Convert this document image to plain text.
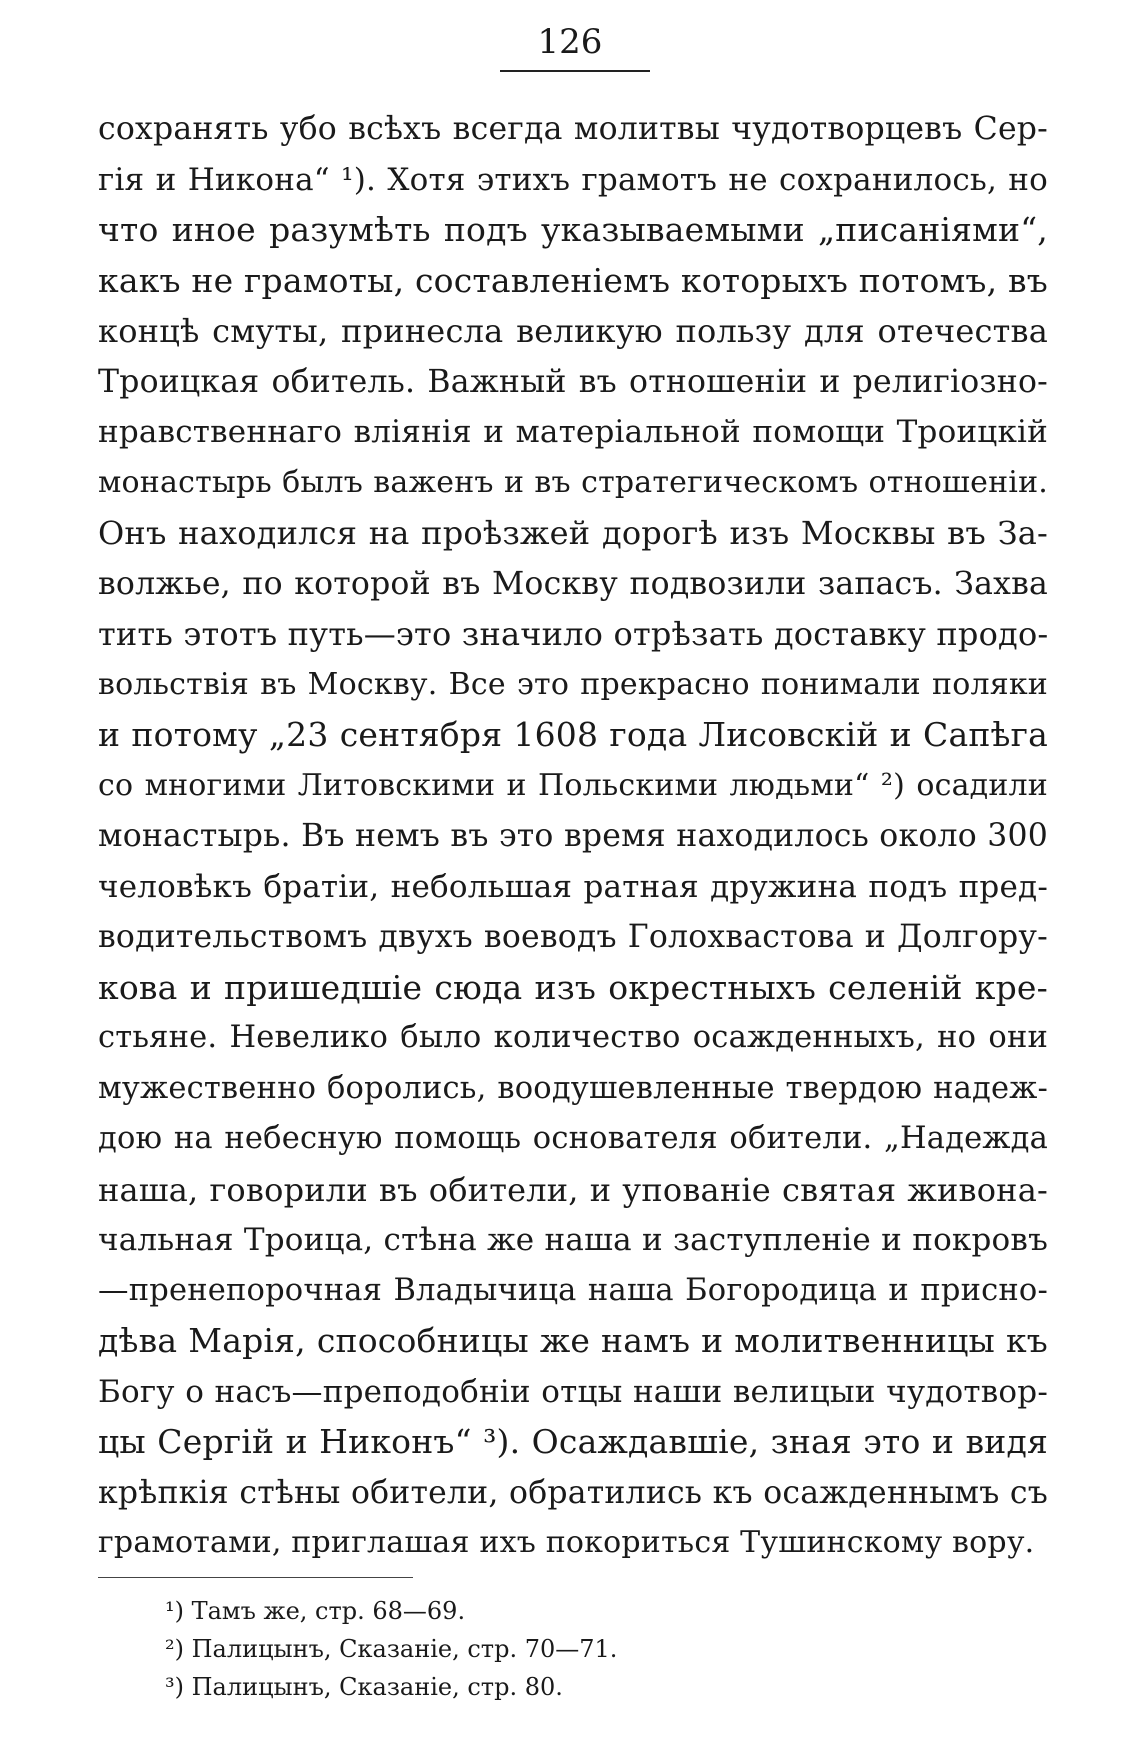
126
сохранять убо всѣхъ всегда молитвы чудотворцевъ Сер-
гія и Никона“ ¹). Хотя этихъ грамотъ не сохранилось, но
что иное разумѣть подъ указываемыми „писаніями“,
какъ не грамоты, составленіемъ которыхъ потомъ, въ
концѣ смуты, принесла великую пользу для отечества
Троицкая обитель. Важный въ отношеніи и религіозно-
нравственнаго вліянія и матеріальной помощи Троицкій
монастырь былъ важенъ и въ стратегическомъ отношеніи.
Онъ находился на проѣзжей дорогѣ изъ Москвы въ За-
волжье, по которой въ Москву подвозили запасъ. Захва
тить этотъ путь—это значило отрѣзать доставку продо-
вольствія въ Москву. Все это прекрасно понимали поляки
и потому „23 сентября 1608 года Лисовскій и Сапѣга
со многими Литовскими и Польскими людьми“ ²) осадили
монастырь. Въ немъ въ это время находилось около 300
человѣкъ братіи, небольшая ратная дружина подъ пред-
водительствомъ двухъ воеводъ Голохвастова и Долгору-
кова и пришедшіе сюда изъ окрестныхъ селеній кре-
стьяне. Невелико было количество осажденныхъ, но они
мужественно боролись, воодушевленные твердою надеж-
дою на небесную помощь основателя обители. „Надежда
наша, говорили въ обители, и упованіе святая живона-
чальная Троица, стѣна же наша и заступленіе и покровъ
—пренепорочная Владычица наша Богородица и присно-
дѣва Марія, способницы же намъ и молитвенницы къ
Богу о насъ—преподобніи отцы наши велицыи чудотвор-
цы Сергій и Никонъ“ ³). Осаждавшіе, зная это и видя
крѣпкія стѣны обители, обратились къ осажденнымъ съ
грамотами, приглашая ихъ покориться Тушинскому вору.
¹) Тамъ же, стр. 68—69.
²) Палицынъ, Сказаніе, стр. 70—71.
³) Палицынъ, Сказаніе, стр. 80.
